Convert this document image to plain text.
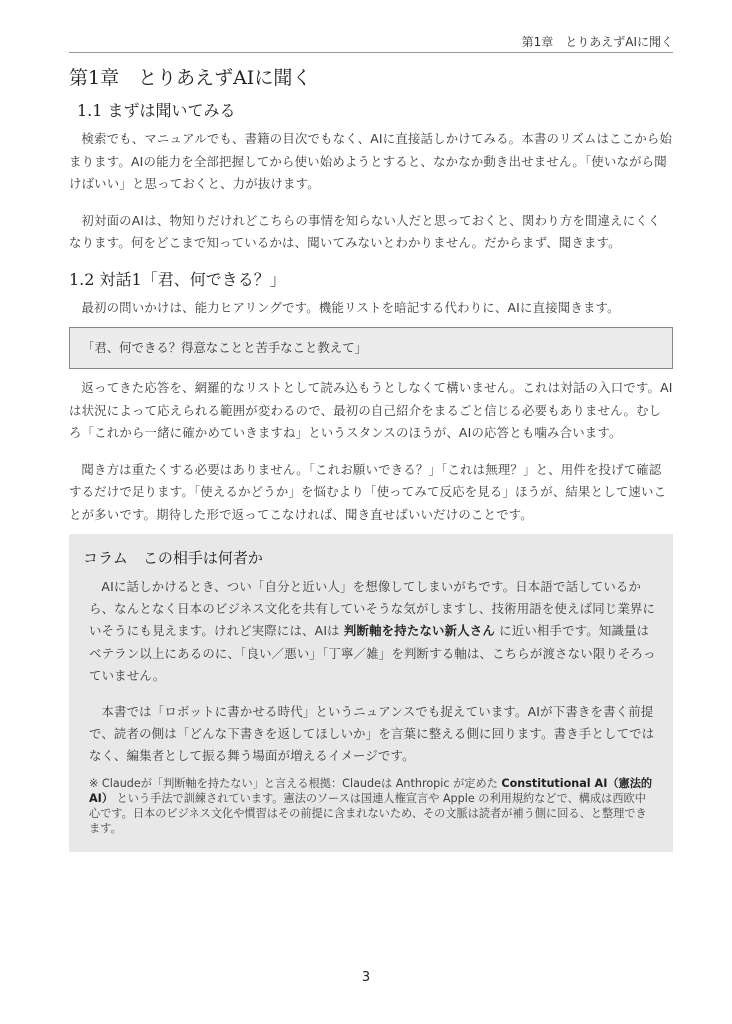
第1章　とりあえずAIに聞く
第1章　とりあえずAIに聞く
1.1 まずは聞いてみる

検索でも、マニュアルでも、書籍の目次でもなく、AIに直接話しかけてみる。本書のリズムはここから始まります。AIの能力を全部把握してから使い始めようとすると、なかなか動き出せません。「使いながら聞けばいい」と思っておくと、力が抜けます。

初対面のAIは、物知りだけれどこちらの事情を知らない人だと思っておくと、関わり方を間違えにくくなります。何をどこまで知っているかは、聞いてみないとわかりません。だからまず、聞きます。

1.2 対話1「君、何できる？」

最初の問いかけは、能力ヒアリングです。機能リストを暗記する代わりに、AIに直接聞きます。

「君、何できる？得意なことと苦手なこと教えて」

返ってきた応答を、網羅的なリストとして読み込もうとしなくて構いません。これは対話の入口です。AIは状況によって応えられる範囲が変わるので、最初の自己紹介をまるごと信じる必要もありません。むしろ「これから一緒に確かめていきますね」というスタンスのほうが、AIの応答とも噛み合います。

聞き方は重たくする必要はありません。「これお願いできる？」「これは無理？」と、用件を投げて確認するだけで足ります。「使えるかどうか」を悩むより「使ってみて反応を見る」ほうが、結果として速いことが多いです。期待した形で返ってこなければ、聞き直せばいいだけのことです。

コラム　この相手は何者か

AIに話しかけるとき、つい「自分と近い人」を想像してしまいがちです。日本語で話しているから、なんとなく日本のビジネス文化を共有していそうな気がしますし、技術用語を使えば同じ業界にいそうにも見えます。けれど実際には、AIは 判断軸を持たない新人さん に近い相手です。知識量はベテラン以上にあるのに、「良い／悪い」「丁寧／雑」を判断する軸は、こちらが渡さない限りそろっていません。

本書では「ロボットに書かせる時代」というニュアンスでも捉えています。AIが下書きを書く前提で、読者の側は「どんな下書きを返してほしいか」を言葉に整える側に回ります。書き手としてではなく、編集者として振る舞う場面が増えるイメージです。

※ Claudeが「判断軸を持たない」と言える根拠：Claudeは Anthropic が定めた Constitutional AI（憲法的AI） という手法で訓練されています。憲法のソースは国連人権宣言や Apple の利用規約などで、構成は西欧中心です。日本のビジネス文化や慣習はその前提に含まれないため、その文脈は読者が補う側に回る、と整理できます。
3
